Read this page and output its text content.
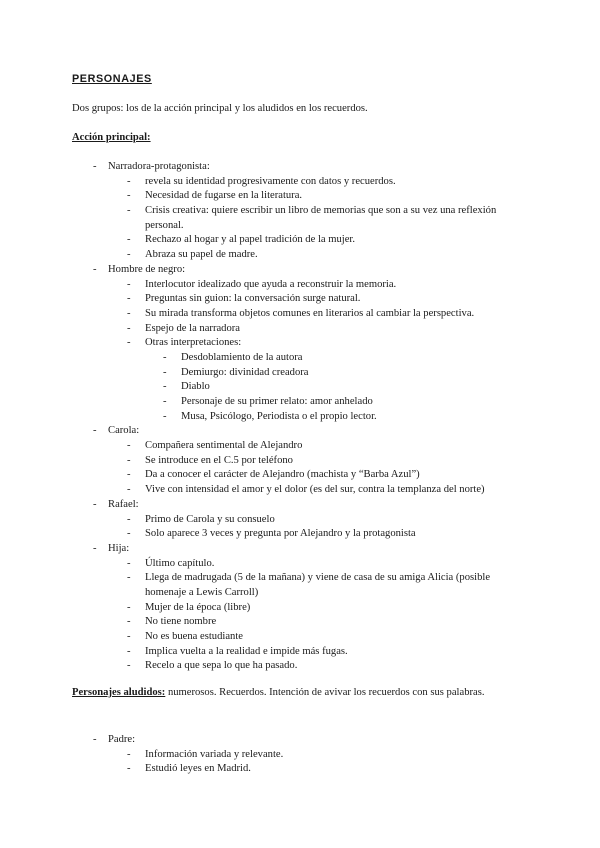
PERSONAJES
Dos grupos: los de la acción principal y los aludidos en los recuerdos.
Acción principal:
- Narradora-protagonista:
- revela su identidad progresivamente con datos y recuerdos.
- Necesidad de fugarse en la literatura.
- Crisis creativa: quiere escribir un libro de memorias que son a su vez una reflexión personal.
- Rechazo al hogar y al papel tradición de la mujer.
- Abraza su papel de madre.
- Hombre de negro:
- Interlocutor idealizado que ayuda a reconstruir la memoria.
- Preguntas sin guion: la conversación surge natural.
- Su mirada transforma objetos comunes en literarios al cambiar la perspectiva.
- Espejo de la narradora
- Otras interpretaciones:
- Desdoblamiento de la autora
- Demiurgo: divinidad creadora
- Diablo
- Personaje de su primer relato: amor anhelado
- Musa, Psicólogo, Periodista o el propio lector.
- Carola:
- Compañera sentimental de Alejandro
- Se introduce en el C.5 por teléfono
- Da a conocer el carácter de Alejandro (machista y “Barba Azul”)
- Vive con intensidad el amor y el dolor (es del sur, contra la templanza del norte)
- Rafael:
- Primo de Carola y su consuelo
- Solo aparece 3 veces y pregunta por Alejandro y la protagonista
- Hija:
- Último capítulo.
- Llega de madrugada (5 de la mañana) y viene de casa de su amiga Alicia (posible homenaje a Lewis Carroll)
- Mujer de la época (libre)
- No tiene nombre
- No es buena estudiante
- Implica vuelta a la realidad e impide más fugas.
- Recelo a que sepa lo que ha pasado.
Personajes aludidos: numerosos. Recuerdos. Intención de avivar los recuerdos con sus palabras.
- Padre:
- Información variada y relevante.
- Estudió leyes en Madrid.
